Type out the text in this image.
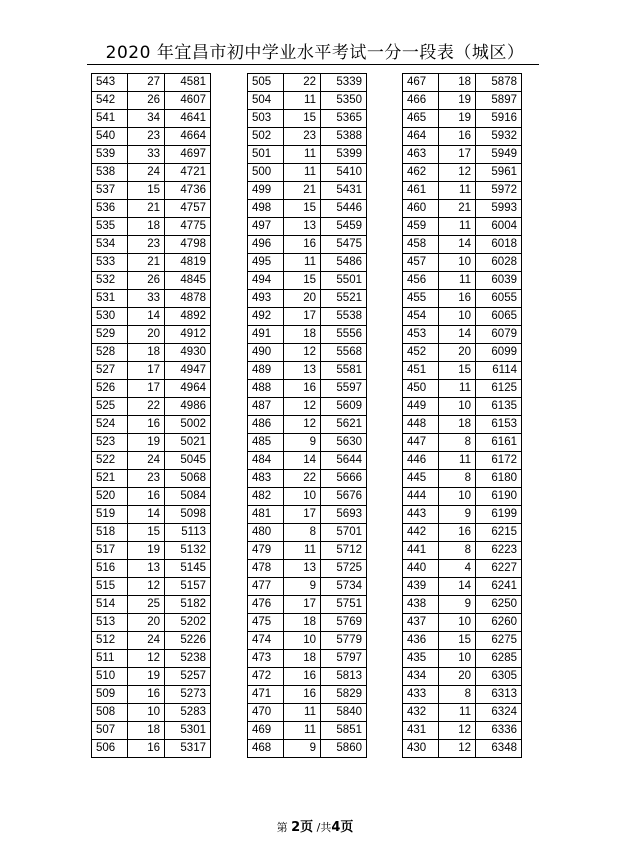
2020 年宜昌市初中学业水平考试一分一段表（城区）
543	27	4581
542	26	4607
541	34	4641
540	23	4664
539	33	4697
538	24	4721
537	15	4736
536	21	4757
535	18	4775
534	23	4798
533	21	4819
532	26	4845
531	33	4878
530	14	4892
529	20	4912
528	18	4930
527	17	4947
526	17	4964
525	22	4986
524	16	5002
523	19	5021
522	24	5045
521	23	5068
520	16	5084
519	14	5098
518	15	5113
517	19	5132
516	13	5145
515	12	5157
514	25	5182
513	20	5202
512	24	5226
511	12	5238
510	19	5257
509	16	5273
508	10	5283
507	18	5301
506	16	5317
505	22	5339
504	11	5350
503	15	5365
502	23	5388
501	11	5399
500	11	5410
499	21	5431
498	15	5446
497	13	5459
496	16	5475
495	11	5486
494	15	5501
493	20	5521
492	17	5538
491	18	5556
490	12	5568
489	13	5581
488	16	5597
487	12	5609
486	12	5621
485	9	5630
484	14	5644
483	22	5666
482	10	5676
481	17	5693
480	8	5701
479	11	5712
478	13	5725
477	9	5734
476	17	5751
475	18	5769
474	10	5779
473	18	5797
472	16	5813
471	16	5829
470	11	5840
469	11	5851
468	9	5860
467	18	5878
466	19	5897
465	19	5916
464	16	5932
463	17	5949
462	12	5961
461	11	5972
460	21	5993
459	11	6004
458	14	6018
457	10	6028
456	11	6039
455	16	6055
454	10	6065
453	14	6079
452	20	6099
451	15	6114
450	11	6125
449	10	6135
448	18	6153
447	8	6161
446	11	6172
445	8	6180
444	10	6190
443	9	6199
442	16	6215
441	8	6223
440	4	6227
439	14	6241
438	9	6250
437	10	6260
436	15	6275
435	10	6285
434	20	6305
433	8	6313
432	11	6324
431	12	6336
430	12	6348
第 2页 /共4页
